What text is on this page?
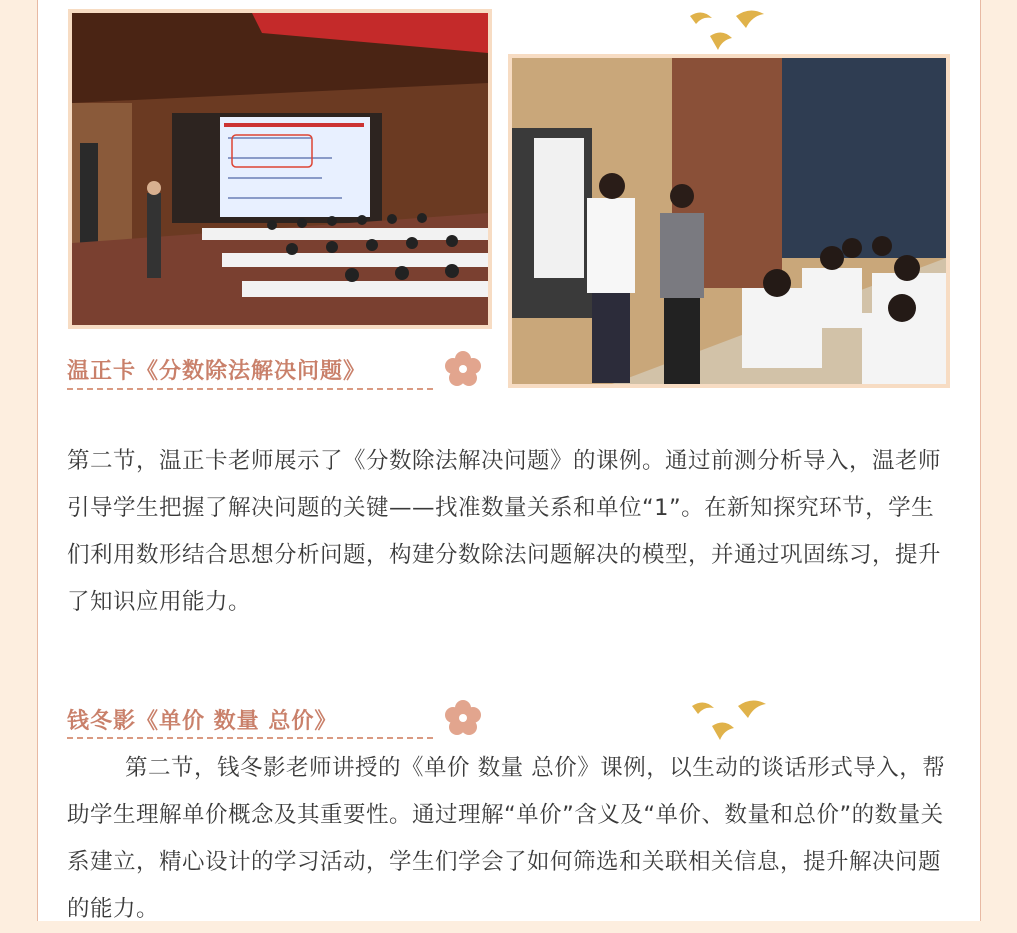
温正卡《分数除法解决问题》
第二节，温正卡老师展示了《分数除法解决问题》的课例。通过前测分析导入，温老师引导学生把握了解决问题的关键——找准数量关系和单位“1”。在新知探究环节，学生们利用数形结合思想分析问题，构建分数除法问题解决的模型，并通过巩固练习，提升了知识应用能力。
钱冬影《单价 数量 总价》
第二节，钱冬影老师讲授的《单价 数量 总价》课例，以生动的谈话形式导入，帮助学生理解单价概念及其重要性。通过理解“单价”含义及“单价、数量和总价”的数量关系建立，精心设计的学习活动，学生们学会了如何筛选和关联相关信息，提升解决问题的能力。
